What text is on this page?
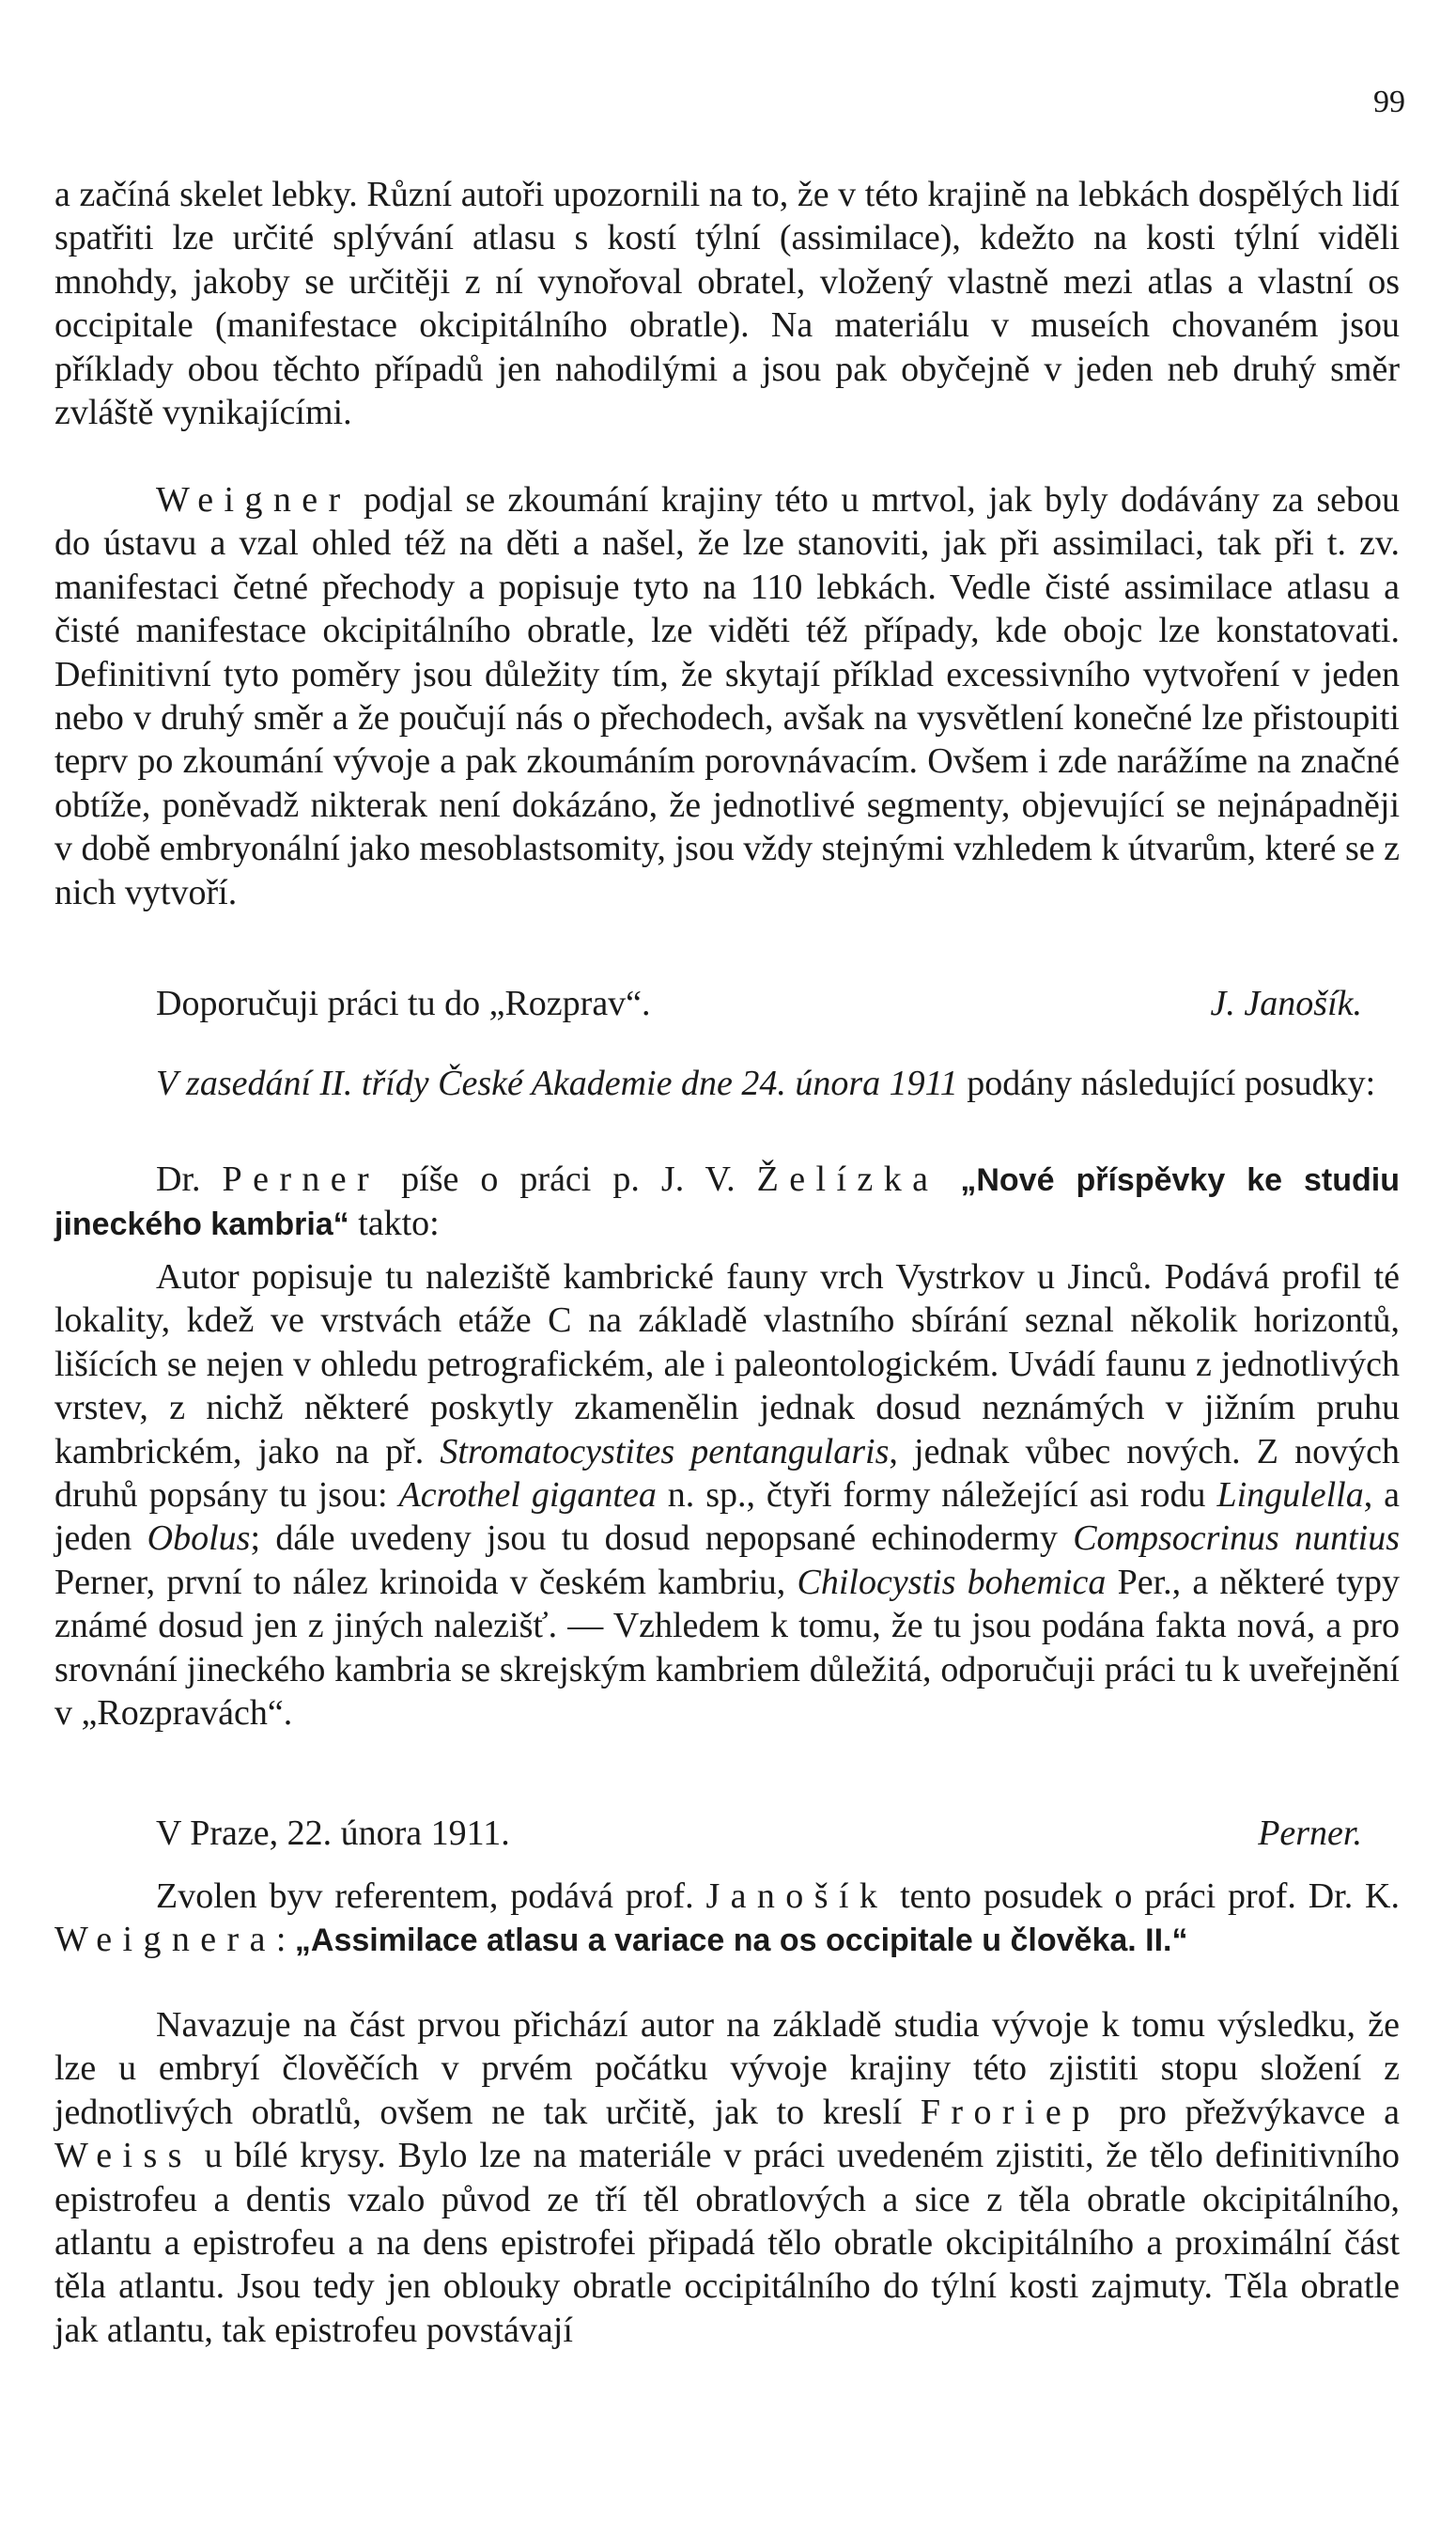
99

a začíná skelet lebky. Různí autoři upozornili na to, že v této krajině na lebkách dospělých lidí spatřiti lze určité splývání atlasu s kostí týlní (assimilace), kdežto na kosti týlní viděli mnohdy, jakoby se určitěji z ní vynořoval obratel, vložený vlastně mezi atlas a vlastní os occipitale (manifestace okcipitálního obratle). Na materiálu v museích chovaném jsou příklady obou těchto případů jen nahodilými a jsou pak obyčejně v jeden neb druhý směr zvláště vynikajícími.

Weigner podjal se zkoumání krajiny této u mrtvol, jak byly dodávány za sebou do ústavu a vzal ohled též na děti a našel, že lze stanoviti, jak při assimilaci, tak při t. zv. manifestaci četné přechody a popisuje tyto na 110 lebkách. Vedle čisté assimilace atlasu a čisté manifestace okcipitálního obratle, lze viděti též případy, kde obojc lze konstatovati. Definitivní tyto poměry jsou důležity tím, že skytají příklad excessivního vytvoření v jeden nebo v druhý směr a že poučují nás o přechodech, avšak na vysvětlení konečné lze přistoupiti teprv po zkoumání vývoje a pak zkoumáním porovnávacím. Ovšem i zde narážíme na značné obtíže, poněvadž nikterak není dokázáno, že jednotlivé segmenty, objevující se nejnápadněji v době embryonální jako mesoblastsomity, jsou vždy stejnými vzhledem k útvarům, které se z nich vytvoří.

Doporučuji práci tu do „Rozprav“.	J. Janošík.

V zasedání II. třídy České Akademie dne 24. února 1911 podány následující posudky:

Dr. Perner píše o práci p. J. V. Želízka „Nové příspěvky ke studiu jineckého kambria“ takto:

Autor popisuje tu naleziště kambrické fauny vrch Vystrkov u Jinců. Podává profil té lokality, kdež ve vrstvách etáže C na základě vlastního sbírání seznal několik horizontů, lišících se nejen v ohledu petrografickém, ale i paleontologickém. Uvádí faunu z jednotlivých vrstev, z nichž některé poskytly zkamenělin jednak dosud neznámých v jižním pruhu kambrickém, jako na př. Stromatocystites pentangularis, jednak vůbec nových. Z nových druhů popsány tu jsou: Acrothel gigantea n. sp., čtyři formy náležející asi rodu Lingulella, a jeden Obolus; dále uvedeny jsou tu dosud nepopsané echinodermy Compsocrinus nuntius Perner, první to nález krinoida v českém kambriu, Chilocystis bohemica Per., a některé typy známé dosud jen z jiných nalezišť. — Vzhledem k tomu, že tu jsou podána fakta nová, a pro srovnání jineckého kambria se skrejským kambriem důležitá, odporučuji práci tu k uveřejnění v „Rozpravách“.

V Praze, 22. února 1911.	Perner.

Zvolen byv referentem, podává prof. Janošík tento posudek o práci prof. Dr. K. Weignera: „Assimilace atlasu a variace na os occipitale u člověka. II.“

Navazuje na část prvou přichází autor na základě studia vývoje k tomu výsledku, že lze u embryí člověčích v prvém počátku vývoje krajiny této zjistiti stopu složení z jednotlivých obratlů, ovšem ne tak určitě, jak to kreslí Froriep pro přežvýkavce a Weiss u bílé krysy. Bylo lze na materiále v práci uvedeném zjistiti, že tělo definitivního epistrofeu a dentis vzalo původ ze tří těl obratlových a sice z těla obratle okcipitálního, atlantu a epistrofeu a na dens epistrofei připadá tělo obratle okcipitálního a proximální část těla atlantu. Jsou tedy jen oblouky obratle occipitálního do týlní kosti zajmuty. Těla obratle jak atlantu, tak epistrofeu povstávají
